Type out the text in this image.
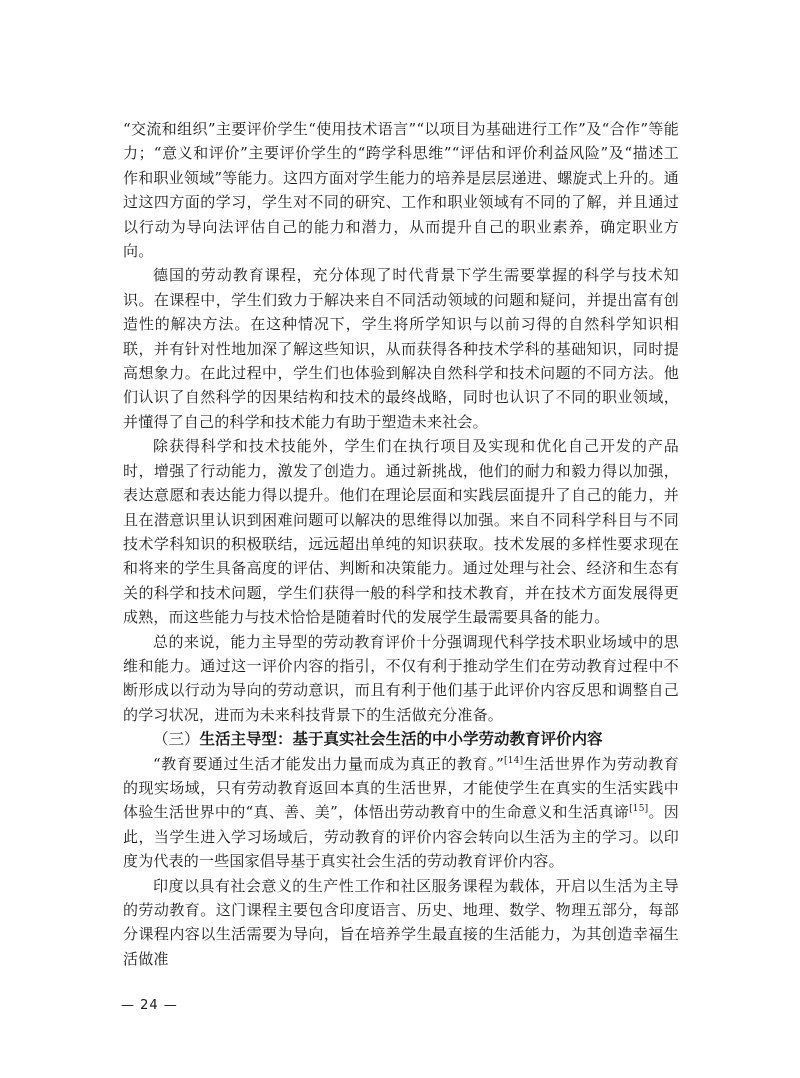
“交流和组织”主要评价学生“使用技术语言”“以项目为基础进行工作”及“合作”等能力；“意义和评价”主要评价学生的“跨学科思维”“评估和评价利益风险”及“描述工作和职业领域”等能力。这四方面对学生能力的培养是层层递进、螺旋式上升的。通过这四方面的学习，学生对不同的研究、工作和职业领域有不同的了解，并且通过以行动为导向法评估自己的能力和潜力，从而提升自己的职业素养，确定职业方向。

德国的劳动教育课程，充分体现了时代背景下学生需要掌握的科学与技术知识。在课程中，学生们致力于解决来自不同活动领域的问题和疑问，并提出富有创造性的解决方法。在这种情况下，学生将所学知识与以前习得的自然科学知识相联，并有针对性地加深了解这些知识，从而获得各种技术学科的基础知识，同时提高想象力。在此过程中，学生们也体验到解决自然科学和技术问题的不同方法。他们认识了自然科学的因果结构和技术的最终战略，同时也认识了不同的职业领域，并懂得了自己的科学和技术能力有助于塑造未来社会。

除获得科学和技术技能外，学生们在执行项目及实现和优化自己开发的产品时，增强了行动能力，激发了创造力。通过新挑战，他们的耐力和毅力得以加强，表达意愿和表达能力得以提升。他们在理论层面和实践层面提升了自己的能力，并且在潜意识里认识到困难问题可以解决的思维得以加强。来自不同科学科目与不同技术学科知识的积极联结，远远超出单纯的知识获取。技术发展的多样性要求现在和将来的学生具备高度的评估、判断和决策能力。通过处理与社会、经济和生态有关的科学和技术问题，学生们获得一般的科学和技术教育，并在技术方面发展得更成熟，而这些能力与技术恰恰是随着时代的发展学生最需要具备的能力。

总的来说，能力主导型的劳动教育评价十分强调现代科学技术职业场域中的思维和能力。通过这一评价内容的指引，不仅有利于推动学生们在劳动教育过程中不断形成以行动为导向的劳动意识，而且有利于他们基于此评价内容反思和调整自己的学习状况，进而为未来科技背景下的生活做充分准备。

（三）生活主导型：基于真实社会生活的中小学劳动教育评价内容

“教育要通过生活才能发出力量而成为真正的教育。”[14]生活世界作为劳动教育的现实场域，只有劳动教育返回本真的生活世界，才能使学生在真实的生活实践中体验生活世界中的“真、善、美”，体悟出劳动教育中的生命意义和生活真谛[15]。因此，当学生进入学习场域后，劳动教育的评价内容会转向以生活为主的学习。以印度为代表的一些国家倡导基于真实社会生活的劳动教育评价内容。

印度以具有社会意义的生产性工作和社区服务课程为载体，开启以生活为主导的劳动教育。这门课程主要包含印度语言、历史、地理、数学、物理五部分，每部分课程内容以生活需要为导向，旨在培养学生最直接的生活能力，为其创造幸福生活做准

— 24 —
